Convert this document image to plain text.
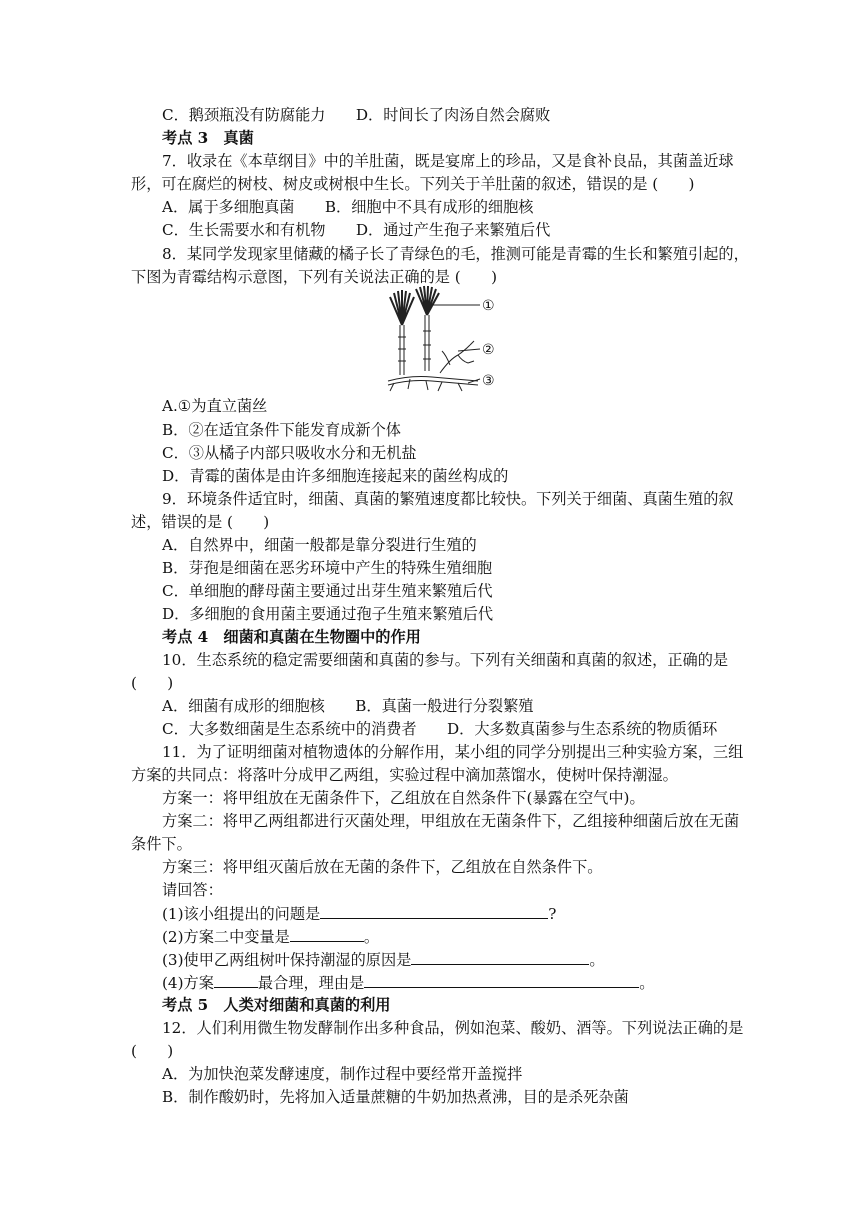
C．鹅颈瓶没有防腐能力　　D．时间长了肉汤自然会腐败
考点 3　真菌
7．收录在《本草纲目》中的羊肚菌，既是宴席上的珍品，又是食补良品，其菌盖近球
形，可在腐烂的树枝、树皮或树根中生长。下列关于羊肚菌的叙述，错误的是 (　　)
A．属于多细胞真菌　　B．细胞中不具有成形的细胞核
C．生长需要水和有机物　　D．通过产生孢子来繁殖后代
8．某同学发现家里储藏的橘子长了青绿色的毛，推测可能是青霉的生长和繁殖引起的，
下图为青霉结构示意图，下列有关说法正确的是 (　　)
①
②
③
A.①为直立菌丝
B．②在适宜条件下能发育成新个体
C．③从橘子内部只吸收水分和无机盐
D．青霉的菌体是由许多细胞连接起来的菌丝构成的
9．环境条件适宜时，细菌、真菌的繁殖速度都比较快。下列关于细菌、真菌生殖的叙
述，错误的是 (　　)
A．自然界中，细菌一般都是靠分裂进行生殖的
B．芽孢是细菌在恶劣环境中产生的特殊生殖细胞
C．单细胞的酵母菌主要通过出芽生殖来繁殖后代
D．多细胞的食用菌主要通过孢子生殖来繁殖后代
考点 4　细菌和真菌在生物圈中的作用
10．生态系统的稳定需要细菌和真菌的参与。下列有关细菌和真菌的叙述，正确的是
(　　)
A．细菌有成形的细胞核　　B．真菌一般进行分裂繁殖
C．大多数细菌是生态系统中的消费者　　D．大多数真菌参与生态系统的物质循环
11．为了证明细菌对植物遗体的分解作用，某小组的同学分别提出三种实验方案，三组
方案的共同点：将落叶分成甲乙两组，实验过程中滴加蒸馏水，使树叶保持潮湿。
方案一：将甲组放在无菌条件下，乙组放在自然条件下(暴露在空气中)。
方案二：将甲乙两组都进行灭菌处理，甲组放在无菌条件下，乙组接种细菌后放在无菌
条件下。
方案三：将甲组灭菌后放在无菌的条件下，乙组放在自然条件下。
请回答：
(1)该小组提出的问题是	?
(2)方案二中变量是	。
(3)使甲乙两组树叶保持潮湿的原因是	。
(4)方案	最合理，理由是	。
考点 5　人类对细菌和真菌的利用
12．人们利用微生物发酵制作出多种食品，例如泡菜、酸奶、酒等。下列说法正确的是
(　　)
A．为加快泡菜发酵速度，制作过程中要经常开盖搅拌
B．制作酸奶时，先将加入适量蔗糖的牛奶加热煮沸，目的是杀死杂菌
